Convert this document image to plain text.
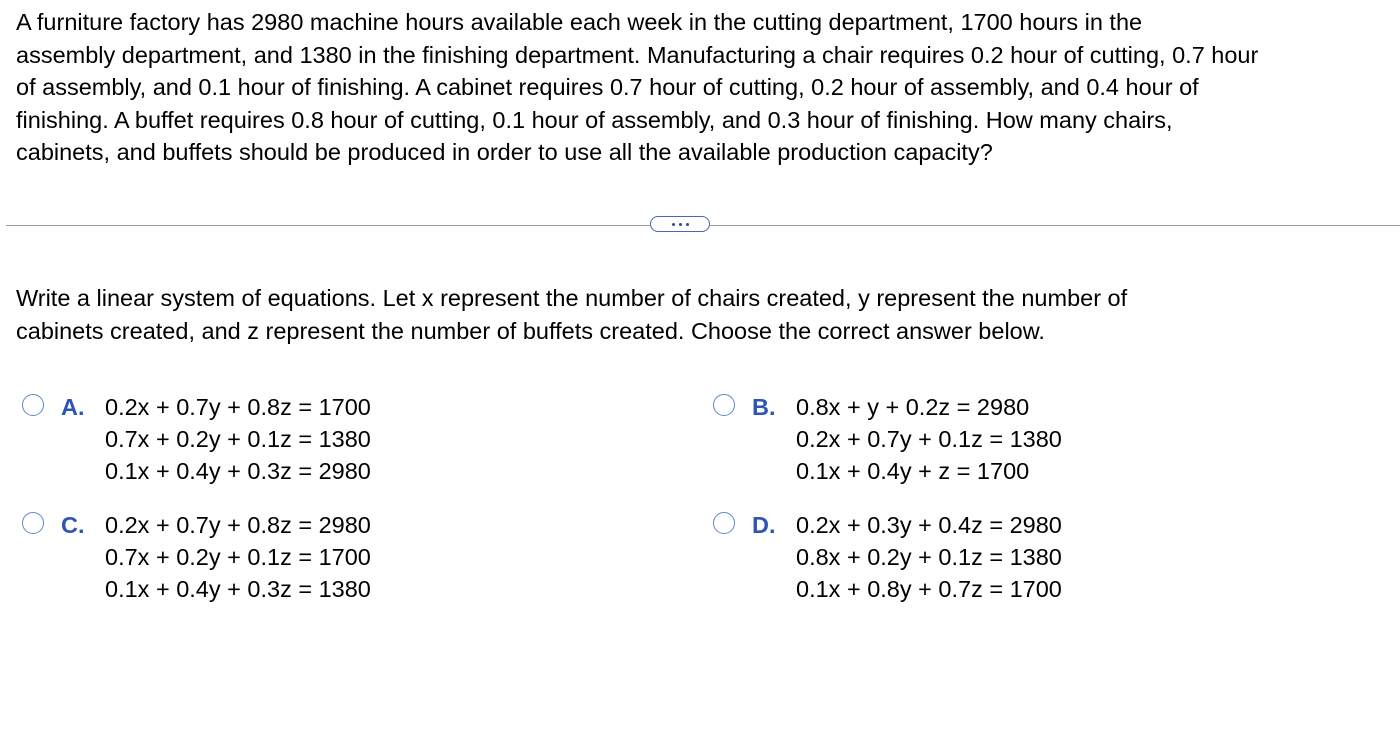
A furniture factory has 2980 machine hours available each week in the cutting department, 1700 hours in the
assembly department, and 1380 in the finishing department. Manufacturing a chair requires 0.2 hour of cutting, 0.7 hour
of assembly, and 0.1 hour of finishing. A cabinet requires 0.7 hour of cutting, 0.2 hour of assembly, and 0.4 hour of
finishing. A buffet requires 0.8 hour of cutting, 0.1 hour of assembly, and 0.3 hour of finishing. How many chairs,
cabinets, and buffets should be produced in order to use all the available production capacity?
Write a linear system of equations. Let x represent the number of chairs created, y represent the number of
cabinets created, and z represent the number of buffets created. Choose the correct answer below.
A. 0.2x + 0.7y + 0.8z = 1700
0.7x + 0.2y + 0.1z = 1380
0.1x + 0.4y + 0.3z = 2980
B. 0.8x + y + 0.2z = 2980
0.2x + 0.7y + 0.1z = 1380
0.1x + 0.4y + z = 1700
C. 0.2x + 0.7y + 0.8z = 2980
0.7x + 0.2y + 0.1z = 1700
0.1x + 0.4y + 0.3z = 1380
D. 0.2x + 0.3y + 0.4z = 2980
0.8x + 0.2y + 0.1z = 1380
0.1x + 0.8y + 0.7z = 1700
